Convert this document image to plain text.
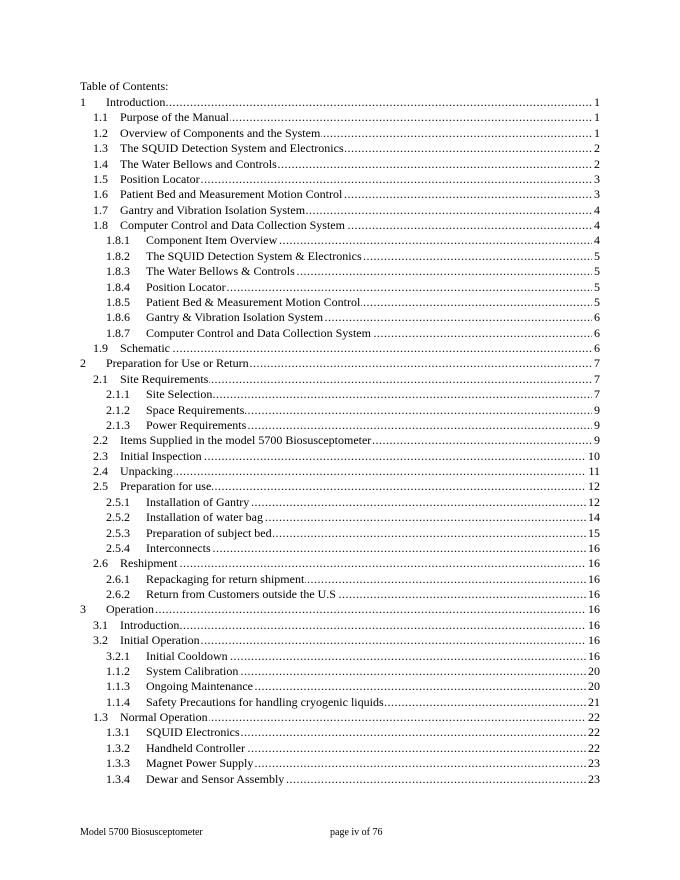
Table of Contents:
1 Introduction .....	1
1.1 Purpose of the Manual .....	1
1.2 Overview of Components and the System .....	1
1.3 The SQUID Detection System and Electronics .....	2
1.4 The Water Bellows and Controls .....	2
1.5 Position Locator .....	3
1.6 Patient Bed and Measurement Motion Control .....	3
1.7 Gantry and Vibration Isolation System .....	4
1.8 Computer Control and Data Collection System .....	4
1.8.1 Component Item Overview .....	4
1.8.2 The SQUID Detection System & Electronics .....	5
1.8.3 The Water Bellows & Controls .....	5
1.8.4 Position Locator .....	5
1.8.5 Patient Bed & Measurement Motion Control .....	5
1.8.6 Gantry & Vibration Isolation System .....	6
1.8.7 Computer Control and Data Collection System .....	6
1.9 Schematic .....	6
2 Preparation for Use or Return .....	7
2.1 Site Requirements .....	7
2.1.1 Site Selection .....	7
2.1.2 Space Requirements .....	9
2.1.3 Power Requirements .....	9
2.2 Items Supplied in the model 5700 Biosusceptometer .....	9
2.3 Initial Inspection .....	10
2.4 Unpacking .....	11
2.5 Preparation for use .....	12
2.5.1 Installation of Gantry .....	12
2.5.2 Installation of water bag .....	14
2.5.3 Preparation of subject bed .....	15
2.5.4 Interconnects .....	16
2.6 Reshipment .....	16
2.6.1 Repackaging for return shipment .....	16
2.6.2 Return from Customers outside the U.S .....	16
3 Operation .....	16
3.1 Introduction .....	16
3.2 Initial Operation .....	16
3.2.1 Initial Cooldown .....	16
1.1.2 System Calibration .....	20
1.1.3 Ongoing Maintenance .....	20
1.1.4 Safety Precautions for handling cryogenic liquids .....	21
1.3 Normal Operation .....	22
1.3.1 SQUID Electronics .....	22
1.3.2 Handheld Controller .....	22
1.3.3 Magnet Power Supply .....	23
1.3.4 Dewar and Sensor Assembly .....	23
Model 5700 Biosusceptometer	page iv of 76
